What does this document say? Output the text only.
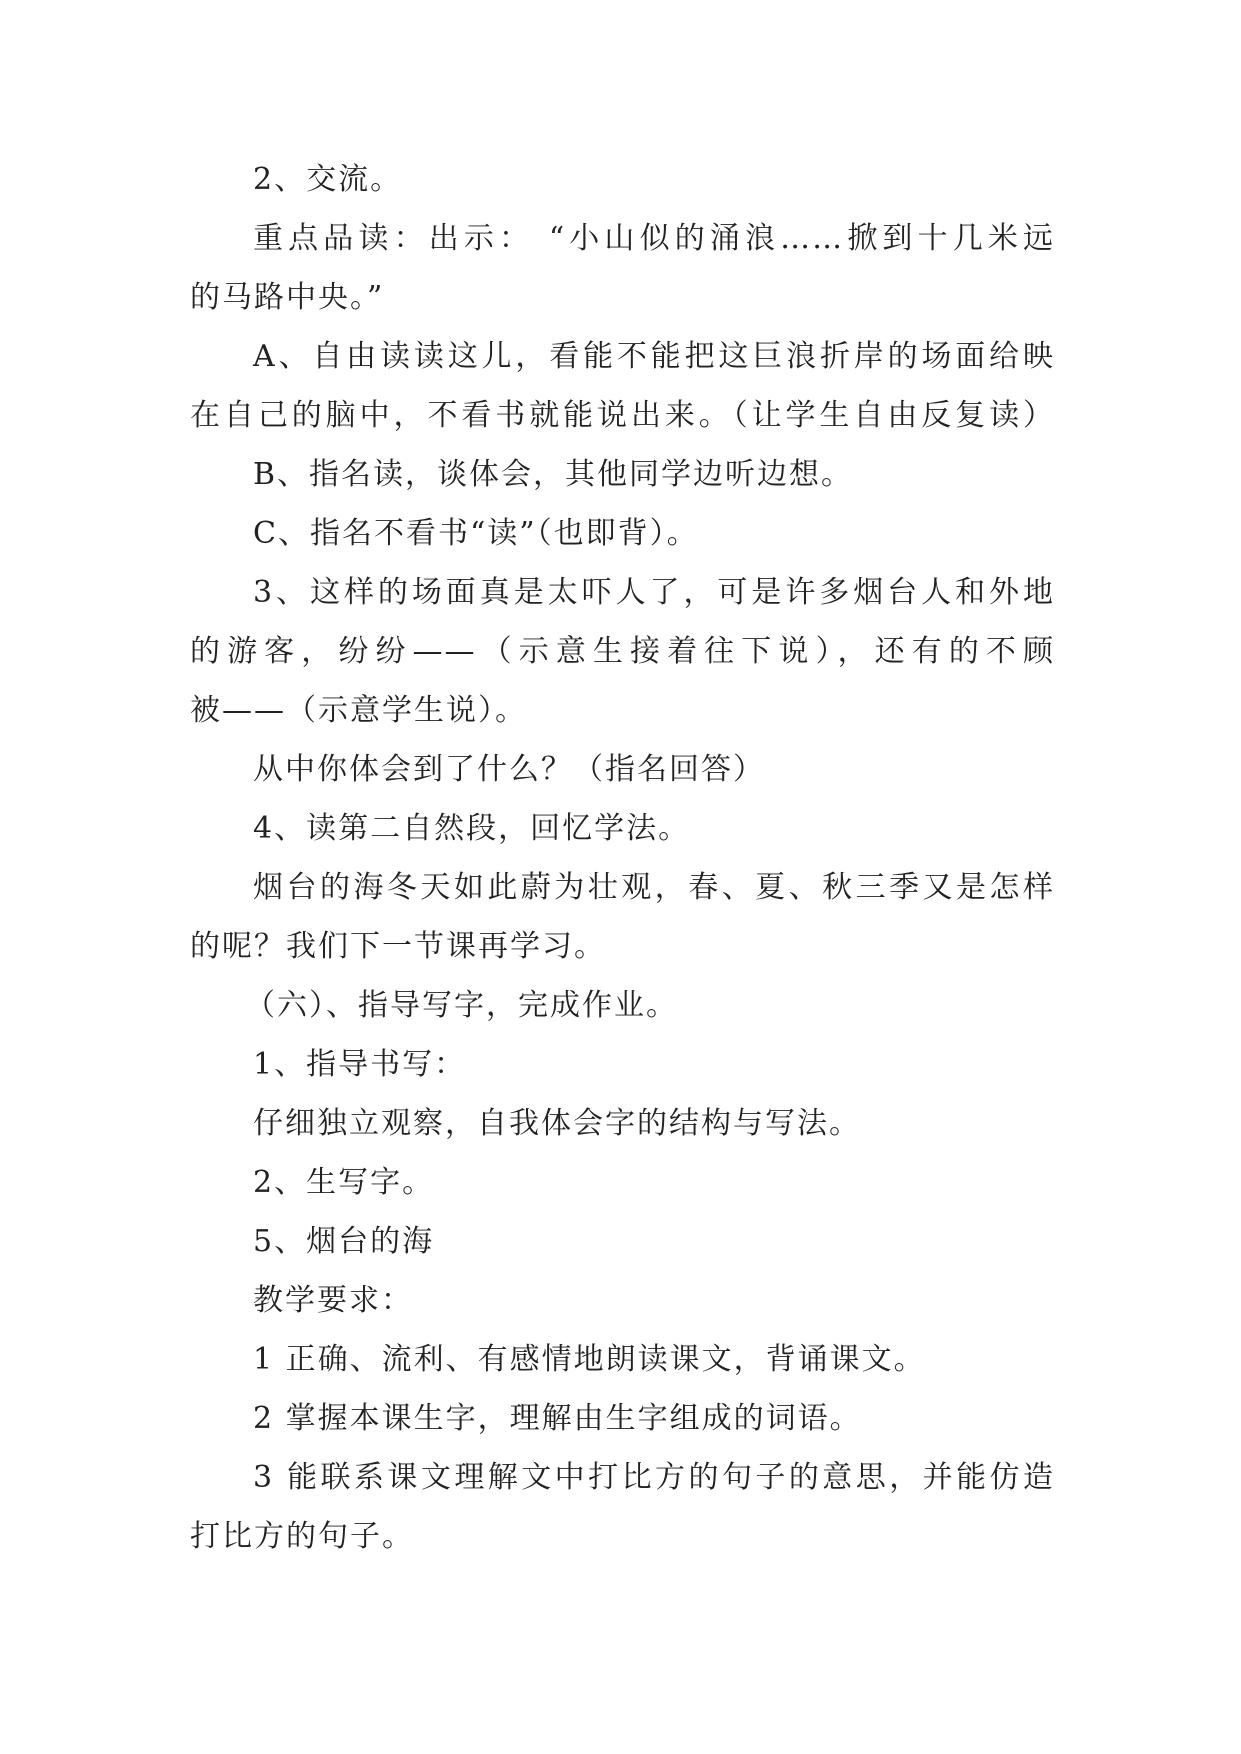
2、交流。
重点品读：出示： “小山似的涌浪……掀到十几米远
的马路中央。”
A、自由读读这儿，看能不能把这巨浪折岸的场面给映
在自己的脑中，不看书就能说出来。（让学生自由反复读）
B、指名读，谈体会，其他同学边听边想。
C、指名不看书“读”（也即背）。
3、这样的场面真是太吓人了，可是许多烟台人和外地
的游客，纷纷——（示意生接着往下说），还有的不顾
被——（示意学生说）。
从中你体会到了什么？（指名回答）
4、读第二自然段，回忆学法。
烟台的海冬天如此蔚为壮观，春、夏、秋三季又是怎样
的呢？我们下一节课再学习。
（六）、指导写字，完成作业。
1、指导书写：
仔细独立观察，自我体会字的结构与写法。
2、生写字。
5、烟台的海
教学要求：
1 正确、流利、有感情地朗读课文，背诵课文。
2 掌握本课生字，理解由生字组成的词语。
3 能联系课文理解文中打比方的句子的意思，并能仿造
打比方的句子。
